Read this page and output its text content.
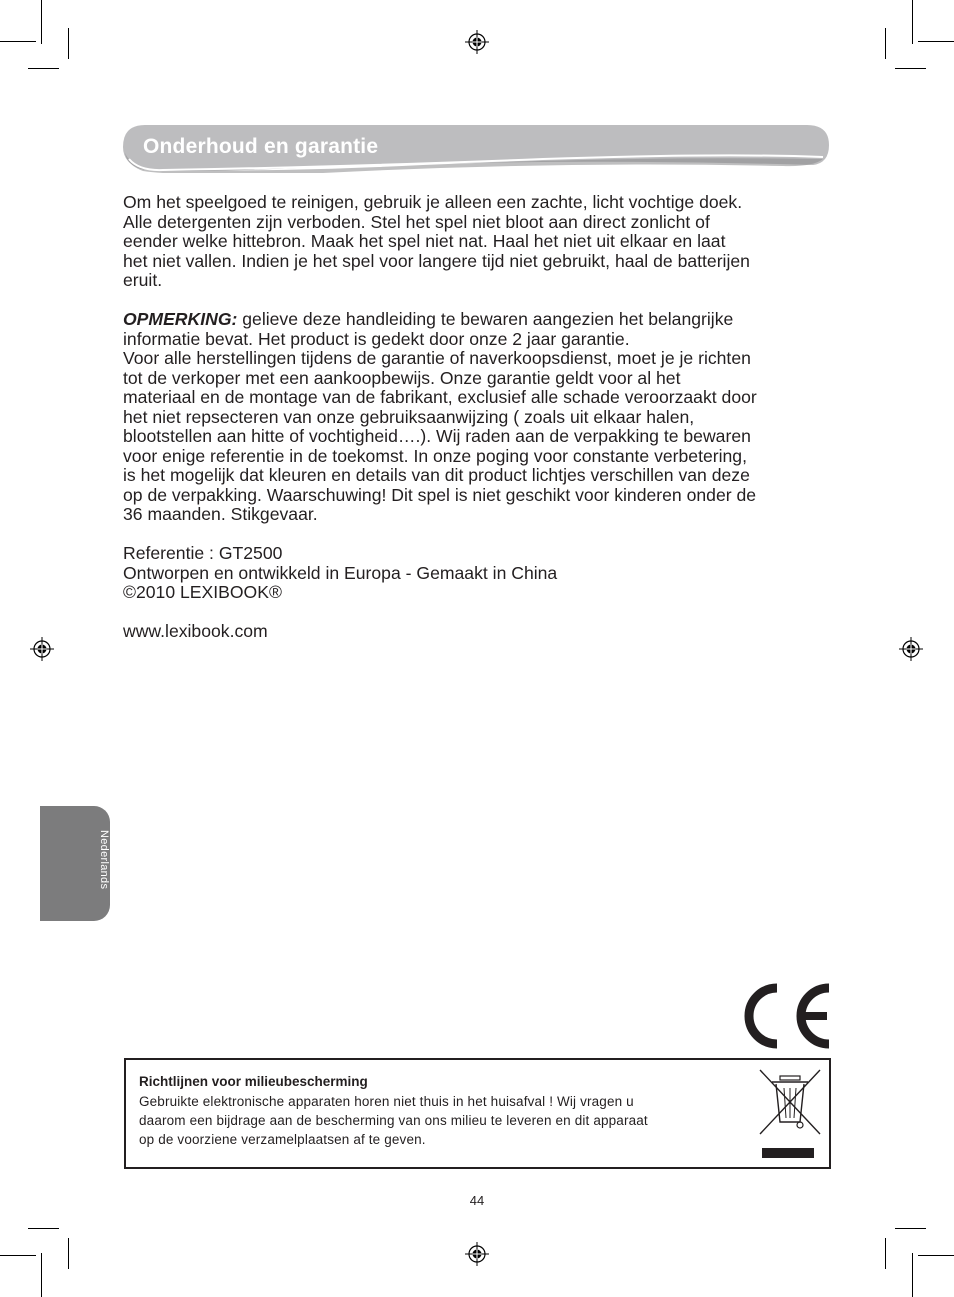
Onderhoud en garantie

Om het speelgoed te reinigen, gebruik je alleen een zachte, licht vochtige doek.

Alle detergenten zijn verboden. Stel het spel niet bloot aan direct zonlicht of

eender welke hittebron. Maak het spel niet nat. Haal het niet uit elkaar en laat

het niet vallen. Indien je het spel voor langere tijd niet gebruikt, haal de batterijen

eruit.

OPMERKING: gelieve deze handleiding te bewaren aangezien het belangrijke

informatie bevat. Het product is gedekt door onze 2 jaar garantie.

Voor alle herstellingen tijdens de garantie of naverkoopsdienst, moet je je richten

tot de verkoper met een aankoopbewijs. Onze garantie geldt voor al het

materiaal en de montage van de fabrikant, exclusief alle schade veroorzaakt door

het niet repsecteren van onze gebruiksaanwijzing ( zoals uit elkaar halen,

blootstellen aan hitte of vochtigheid….). Wij raden aan de verpakking te bewaren

voor enige referentie in de toekomst. In onze poging voor constante verbetering,

is het mogelijk dat kleuren en details van dit product lichtjes verschillen van deze

op de verpakking. Waarschuwing! Dit spel is niet geschikt voor kinderen onder de

36 maanden. Stikgevaar.

Referentie : GT2500

Ontworpen en ontwikkeld in Europa - Gemaakt in China

©2010 LEXIBOOK®

www.lexibook.com

Nederlands
Richtlijnen voor milieubescherming
Gebruikte elektronische apparaten horen niet thuis in het huisafval ! Wij vragen u
daarom een bijdrage aan de bescherming van ons milieu te leveren en dit apparaat
op de voorziene verzamelplaatsen af te geven.
44
